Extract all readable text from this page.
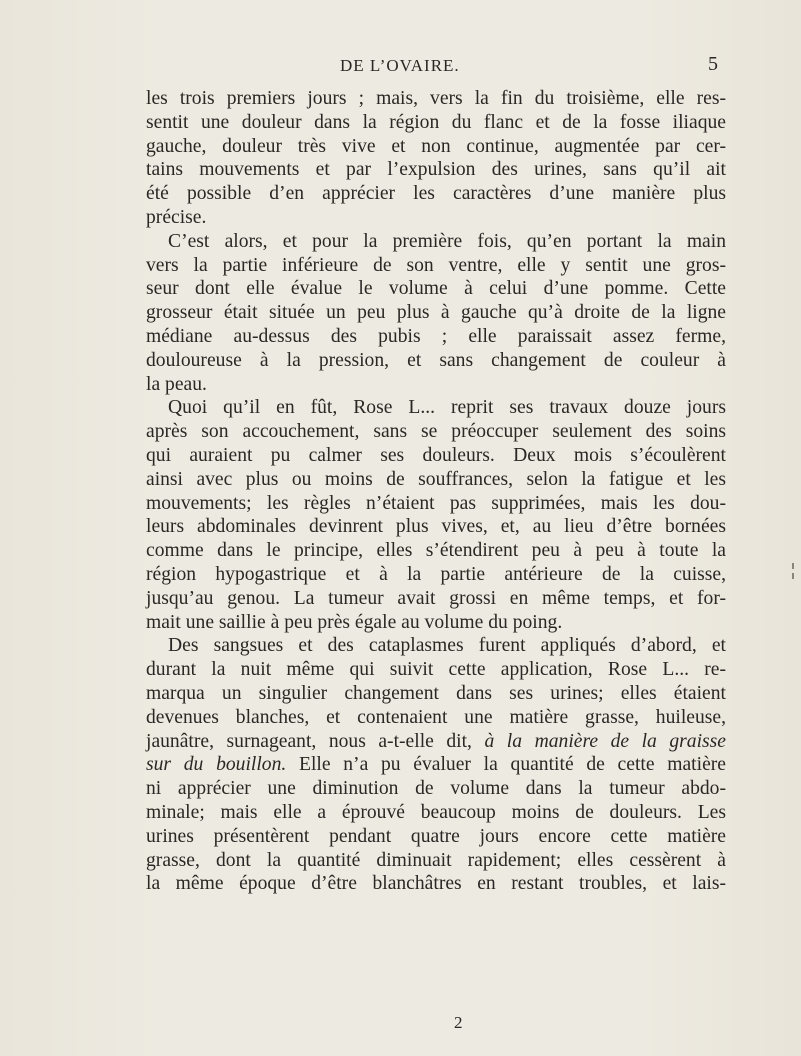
DE L’OVAIRE.	5
les trois premiers jours ; mais, vers la fin du troisième, elle res-
sentit une douleur dans la région du flanc et de la fosse iliaque
gauche, douleur très vive et non continue, augmentée par cer-
tains mouvements et par l’expulsion des urines, sans qu’il ait
été possible d’en apprécier les caractères d’une manière plus
précise.
C’est alors, et pour la première fois, qu’en portant la main
vers la partie inférieure de son ventre, elle y sentit une gros-
seur dont elle évalue le volume à celui d’une pomme. Cette
grosseur était située un peu plus à gauche qu’à droite de la ligne
médiane au-dessus des pubis ; elle paraissait assez ferme,
douloureuse à la pression, et sans changement de couleur à
la peau.
Quoi qu’il en fût, Rose L... reprit ses travaux douze jours
après son accouchement, sans se préoccuper seulement des soins
qui auraient pu calmer ses douleurs. Deux mois s’écoulèrent
ainsi avec plus ou moins de souffrances, selon la fatigue et les
mouvements; les règles n’étaient pas supprimées, mais les dou-
leurs abdominales devinrent plus vives, et, au lieu d’être bornées
comme dans le principe, elles s’étendirent peu à peu à toute la
région hypogastrique et à la partie antérieure de la cuisse,
jusqu’au genou. La tumeur avait grossi en même temps, et for-
mait une saillie à peu près égale au volume du poing.
Des sangsues et des cataplasmes furent appliqués d’abord, et
durant la nuit même qui suivit cette application, Rose L... re-
marqua un singulier changement dans ses urines; elles étaient
devenues blanches, et contenaient une matière grasse, huileuse,
jaunâtre, surnageant, nous a-t-elle dit, à la manière de la graisse
sur du bouillon. Elle n’a pu évaluer la quantité de cette matière
ni apprécier une diminution de volume dans la tumeur abdo-
minale; mais elle a éprouvé beaucoup moins de douleurs. Les
urines présentèrent pendant quatre jours encore cette matière
grasse, dont la quantité diminuait rapidement; elles cessèrent à
la même époque d’être blanchâtres en restant troubles, et lais-
2
